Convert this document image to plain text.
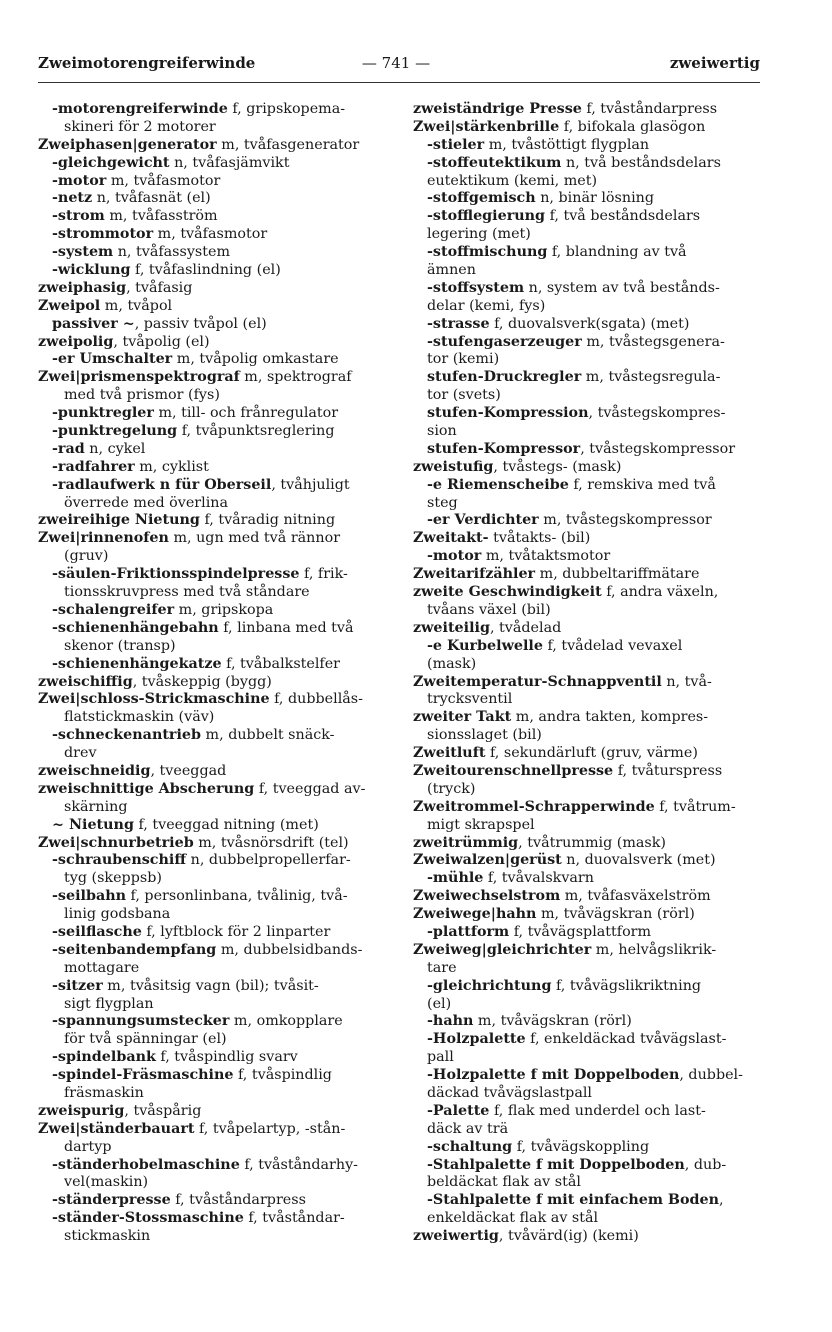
Zweimotorengreiferwinde	— 741 —	zweiwertig
-motorengreiferwinde f, gripskopema-
skineri för 2 motorer
Zweiphasen|generator m, tvåfasgenerator
-gleichgewicht n, tvåfasjämvikt
-motor m, tvåfasmotor
-netz n, tvåfasnät (el)
-strom m, tvåfasström
-strommotor m, tvåfasmotor
-system n, tvåfassystem
-wicklung f, tvåfaslindning (el)
zweiphasig, tvåfasig
Zweipol m, tvåpol
passiver ~, passiv tvåpol (el)
zweipolig, tvåpolig (el)
-er Umschalter m, tvåpolig omkastare
Zwei|prismenspektrograf m, spektrograf
med två prismor (fys)
-punktregler m, till- och frånregulator
-punktregelung f, tvåpunktsreglering
-rad n, cykel
-radfahrer m, cyklist
-radlaufwerk n für Oberseil, tvåhjuligt
överrede med överlina
zweireihige Nietung f, tvåradig nitning
Zwei|rinnenofen m, ugn med två rännor
(gruv)
-säulen-Friktionsspindelpresse f, frik-
tionsskruvpress med två ståndare
-schalengreifer m, gripskopa
-schienenhängebahn f, linbana med två
skenor (transp)
-schienenhängekatze f, tvåbalkstelfer
zweischiffig, tvåskeppig (bygg)
Zwei|schloss-Strickmaschine f, dubbellås-
flatstickmaskin (väv)
-schneckenantrieb m, dubbelt snäck-
drev
zweischneidig, tveeggad
zweischnittige Abscherung f, tveeggad av-
skärning
~ Nietung f, tveeggad nitning (met)
Zwei|schnurbetrieb m, tvåsnörsdrift (tel)
-schraubenschiff n, dubbelpropellerfar-
tyg (skeppsb)
-seilbahn f, personlinbana, tvålinig, två-
linig godsbana
-seilflasche f, lyftblock för 2 linparter
-seitenbandempfang m, dubbelsidbands-
mottagare
-sitzer m, tvåsitsig vagn (bil); tvåsit-
sigt flygplan
-spannungsumstecker m, omkopplare
för två spänningar (el)
-spindelbank f, tvåspindlig svarv
-spindel-Fräsmaschine f, tvåspindlig
fräsmaskin
zweispurig, tvåspårig
Zwei|ständerbauart f, tvåpelartyp, -stån-
dartyp
-ständerhobelmaschine f, tvåståndarhy-
vel(maskin)
-ständerpresse f, tvåståndarpress
-ständer-Stossmaschine f, tvåståndar-
stickmaskin
zweiständrige Presse f, tvåståndarpress
Zwei|stärkenbrille f, bifokala glasögon
-stieler m, tvåstöttigt flygplan
-stoffeutektikum n, två beståndsdelars
eutektikum (kemi, met)
-stoffgemisch n, binär lösning
-stofflegierung f, två beståndsdelars
legering (met)
-stoffmischung f, blandning av två
ämnen
-stoffsystem n, system av två bestånds-
delar (kemi, fys)
-strasse f, duovalsverk(sgata) (met)
-stufengaserzeuger m, tvåstegsgenera-
tor (kemi)
stufen-Druckregler m, tvåstegsregula-
tor (svets)
stufen-Kompression, tvåstegskompres-
sion
stufen-Kompressor, tvåstegskompressor
zweistufig, tvåstegs- (mask)
-e Riemenscheibe f, remskiva med två
steg
-er Verdichter m, tvåstegskompressor
Zweitakt- tvåtakts- (bil)
-motor m, tvåtaktsmotor
Zweitarifzähler m, dubbeltariffmätare
zweite Geschwindigkeit f, andra växeln,
tvåans växel (bil)
zweiteilig, tvådelad
-e Kurbelwelle f, tvådelad vevaxel
(mask)
Zweitemperatur-Schnappventil n, två-
trycksventil
zweiter Takt m, andra takten, kompres-
sionsslaget (bil)
Zweitluft f, sekundärluft (gruv, värme)
Zweitourenschnellpresse f, tvåturspress
(tryck)
Zweitrommel-Schrapperwinde f, tvåtrum-
migt skrapspel
zweitrümmig, tvåtrummig (mask)
Zweiwalzen|gerüst n, duovalsverk (met)
-mühle f, tvåvalskvarn
Zweiwechselstrom m, tvåfasväxelström
Zweiwege|hahn m, tvåvägskran (rörl)
-plattform f, tvåvägsplattform
Zweiweg|gleichrichter m, helvågslikrik-
tare
-gleichrichtung f, tvåvägslikriktning
(el)
-hahn m, tvåvägskran (rörl)
-Holzpalette f, enkeldäckad tvåvägslast-
pall
-Holzpalette f mit Doppelboden, dubbel-
däckad tvåvägslastpall
-Palette f, flak med underdel och last-
däck av trä
-schaltung f, tvåvägskoppling
-Stahlpalette f mit Doppelboden, dub-
beldäckat flak av stål
-Stahlpalette f mit einfachem Boden,
enkeldäckat flak av stål
zweiwertig, tvåvärd(ig) (kemi)
